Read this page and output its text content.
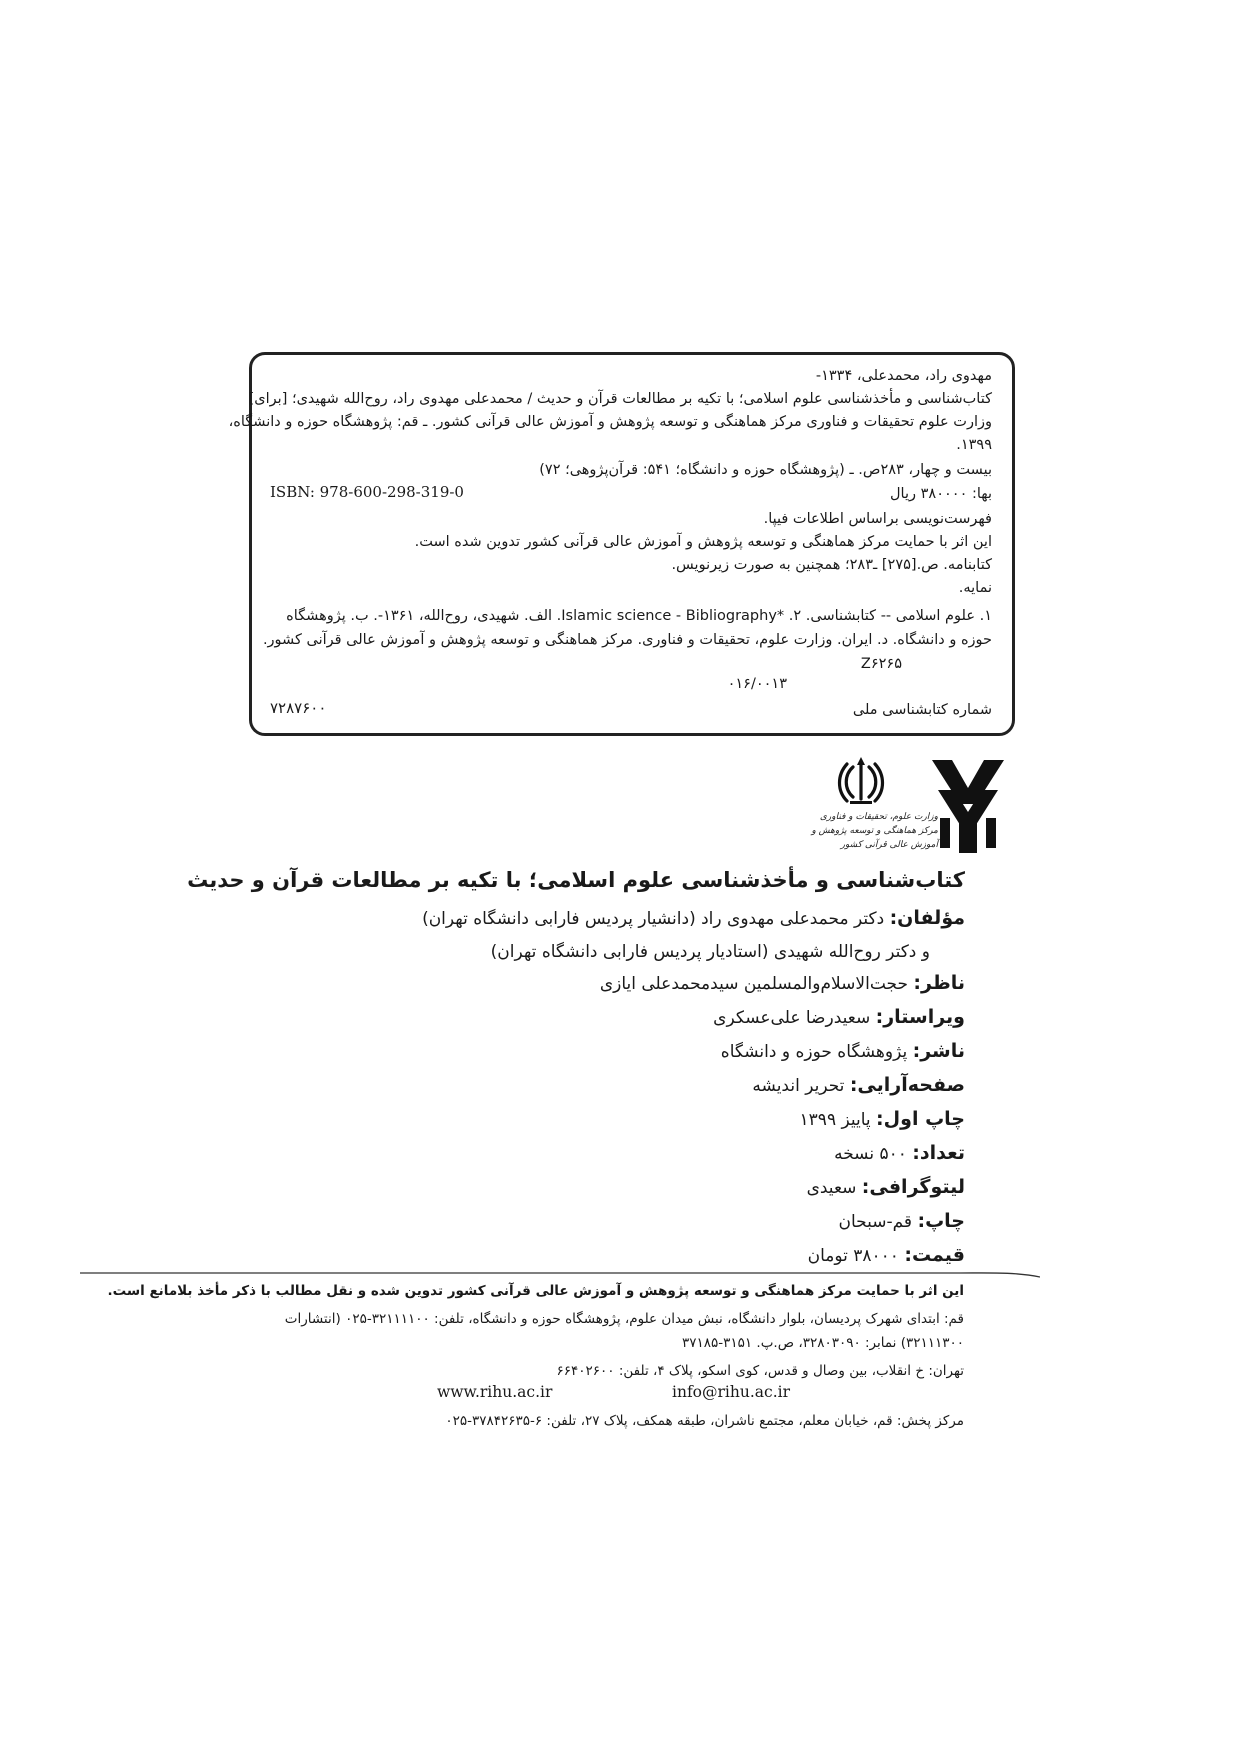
مهدوی راد، محمدعلی، ۱۳۳۴-
کتاب‌شناسی و مأخذشناسی علوم اسلامی؛ با تکیه بر مطالعات قرآن و حدیث / محمدعلی مهدوی راد، روح‌الله شهیدی؛ [برای]
وزارت علوم تحقیقات و فناوری مرکز هماهنگی و توسعه پژوهش و آموزش عالی قرآنی کشور. ـ قم: پژوهشگاه حوزه و دانشگاه،
۱۳۹۹.
بیست و چهار، ۲۸۳ص. ـ (پژوهشگاه حوزه و دانشگاه؛ ۵۴۱: قرآن‌پژوهی؛ ۷۲)
بها: ۳۸۰۰۰۰ ریال
ISBN: 978-600-298-319-0
فهرست‌نویسی براساس اطلاعات فیپا.
این اثر با حمایت مرکز هماهنگی و توسعه پژوهش و آموزش عالی قرآنی کشور تدوین شده است.
کتابنامه. ص.[۲۷۵] ـ۲۸۳؛ همچنین به صورت زیرنویس.
نمایه.
۱. علوم اسلامی -- کتابشناسی. ۲. *Islamic science - Bibliography. الف. شهیدی، روح‌الله، ۱۳۶۱-. ب. پژوهشگاه
حوزه و دانشگاه. د. ایران. وزارت علوم، تحقیقات و فناوری. مرکز هماهنگی و توسعه پژوهش و آموزش عالی قرآنی کشور.
Z۶۲۶۵
۰۱۶/۰۰۱۳
شماره کتابشناسی ملی
۷۲۸۷۶۰۰
وزارت علوم، تحقیقات و فناوری
مرکز هماهنگی و توسعه پژوهش و آموزش عالی قرآنی کشور
کتاب‌شناسی و مأخذشناسی علوم اسلامی؛ با تکیه بر مطالعات قرآن و حدیث
مؤلفان: دکتر محمدعلی مهدوی راد (دانشیار پردیس فارابی دانشگاه تهران)
و دکتر روح‌الله شهیدی (استادیار پردیس فارابی دانشگاه تهران)
ناظر: حجت‌الاسلام‌والمسلمین سیدمحمدعلی ایازی
ویراستار: سعیدرضا علی‌عسکری
ناشر: پژوهشگاه حوزه و دانشگاه
صفحه‌آرایی: تحریر اندیشه
چاپ اول: پاییز ۱۳۹۹
تعداد: ۵۰۰ نسخه
لیتوگرافی: سعیدی
چاپ: قم-سبحان
قیمت: ۳۸۰۰۰ تومان
این اثر با حمایت مرکز هماهنگی و توسعه پژوهش و آموزش عالی قرآنی کشور تدوین شده و نقل مطالب با ذکر مأخذ بلامانع است.
قم: ابتدای شهرک پردیسان، بلوار دانشگاه، نبش میدان علوم، پژوهشگاه حوزه و دانشگاه، تلفن: ۳۲۱۱۱۱۰۰-۰۲۵ (انتشارات ۳۲۱۱۱۳۰۰) نمابر: ۳۲۸۰۳۰۹۰، ص.پ. ۳۱۵۱-۳۷۱۸۵
تهران: خ انقلاب، بین وصال و قدس، کوی اسکو، پلاک ۴، تلفن: ۶۶۴۰۲۶۰۰
www.rihu.ac.ir	info@rihu.ac.ir
مرکز پخش: قم، خیابان معلم، مجتمع ناشران، طبقه همکف، پلاک ۲۷، تلفن: ۶-۳۷۸۴۲۶۳۵-۰۲۵
